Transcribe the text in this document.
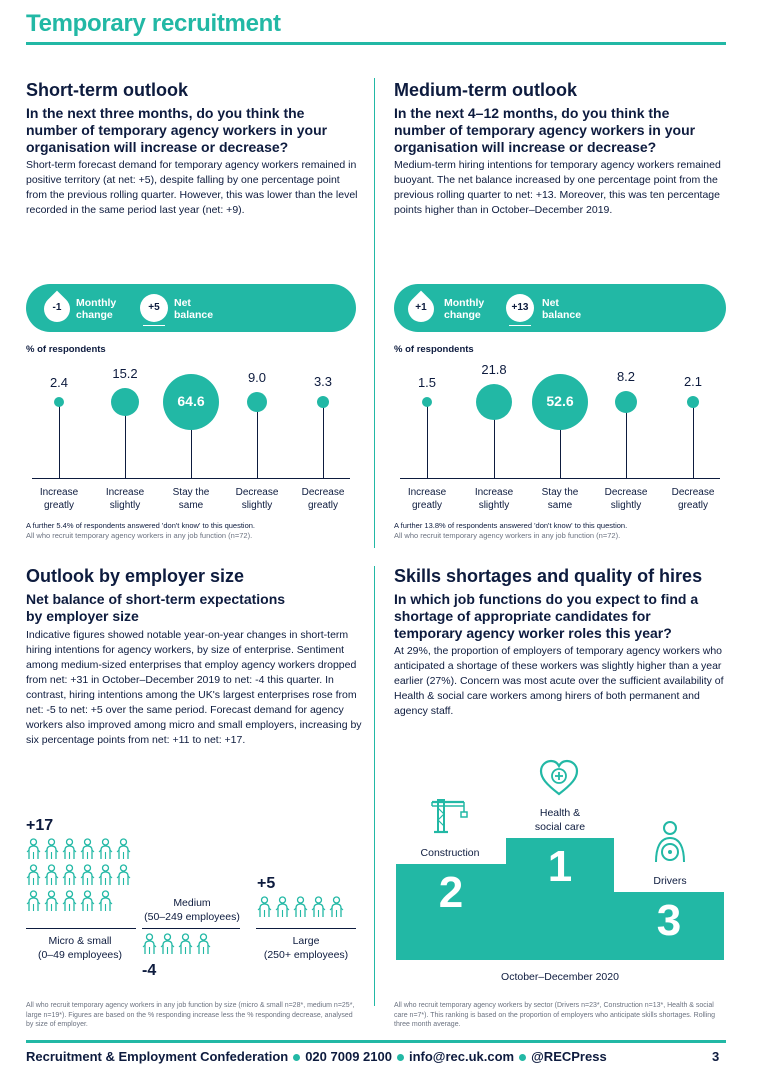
Temporary recruitment
Short-term outlook
In the next three months, do you think the number of temporary agency workers in your organisation will increase or decrease?
Short-term forecast demand for temporary agency workers remained in positive territory (at net: +5), despite falling by one percentage point from the previous rolling quarter. However, this was lower than the level recorded in the same period last year (net: +9).
-1	Monthly
change
+5	Net
balance
% of respondents
2.4
Increase
greatly
15.2
Increase
slightly
64.6
Stay the
same
9.0
Decrease
slightly
3.3
Decrease
greatly
A further 5.4% of respondents answered 'don't know' to this question.
All who recruit temporary agency workers in any job function (n=72).
Medium-term outlook
In the next 4–12 months, do you think the number of temporary agency workers in your organisation will increase or decrease?
Medium-term hiring intentions for temporary agency workers remained buoyant. The net balance increased by one percentage point from the previous rolling quarter to net: +13. Moreover, this was ten percentage points higher than in October–December 2019.
+1	Monthly
change
+13	Net
balance
% of respondents
1.5
Increase
greatly
21.8
Increase
slightly
52.6
Stay the
same
8.2
Decrease
slightly
2.1
Decrease
greatly
A further 13.8% of respondents answered 'don't know' to this question.
All who recruit temporary agency workers in any job function (n=72).
Outlook by employer size
Net balance of short-term expectations
by employer size
Indicative figures showed notable year-on-year changes in short-term hiring intentions for agency workers, by size of enterprise. Sentiment among medium-sized enterprises that employ agency workers dropped from net: +31 in October–December 2019 to net: -4 this quarter. In contrast, hiring intentions among the UK's largest enterprises rose from net: -5 to net: +5 over the same period. Forecast demand for agency workers also improved among micro and small employers, increasing by six percentage points from net: +11 to net: +17.
+17
Micro & small
(0–49 employees)
Medium
(50–249 employees)
-4
+5
Large
(250+ employees)
All who recruit temporary agency workers in any job function by size (micro & small n=28*, medium n=25*, large n=19*). Figures are based on the % responding increase less the % responding decrease, analysed by size of employer.
Skills shortages and quality of hires
In which job functions do you expect to find a shortage of appropriate candidates for temporary agency worker roles this year?
At 29%, the proportion of employers of temporary agency workers who anticipated a shortage of these workers was slightly higher than a year earlier (27%). Concern was most acute over the sufficient availability of Health & social care workers among hirers of both permanent and agency staff.
Health &
social care
Construction
Drivers
2
1
3
October–December 2020
All who recruit temporary agency workers by sector (Drivers n=23*, Construction n=13*, Health & social care n=7*). This ranking is based on the proportion of employers who anticipate skills shortages. Rolling three month average.
Recruitment & Employment Confederation 020 7009 2100 info@rec.uk.com @RECPress	3
